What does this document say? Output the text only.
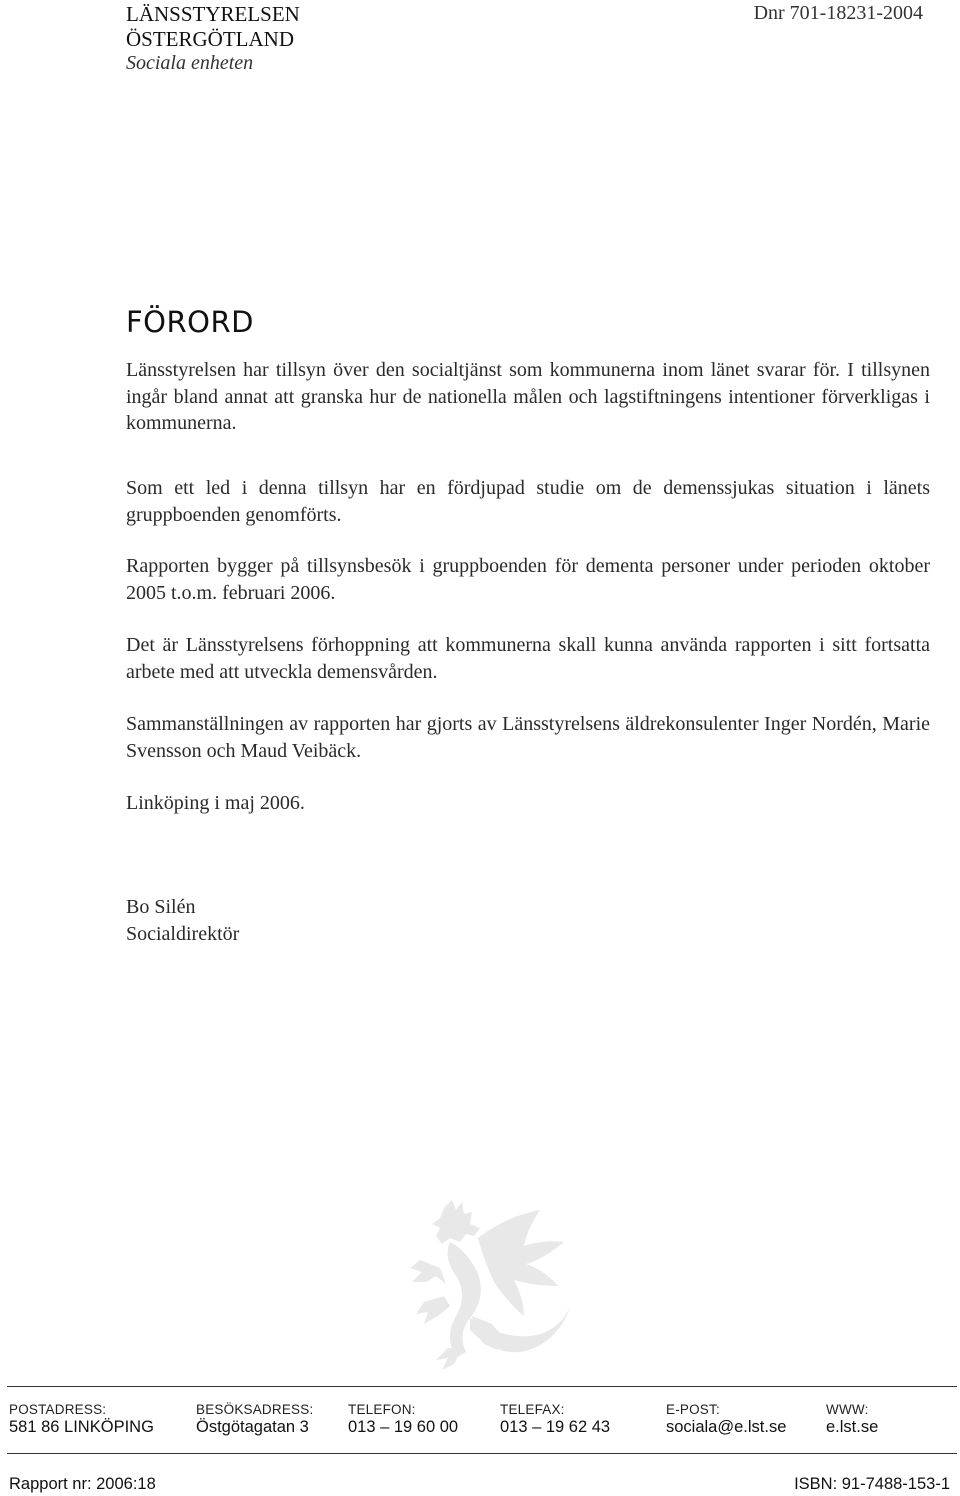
LÄNSSTYRELSEN
ÖSTERGÖTLAND
Sociala enheten
Dnr 701-18231-2004
FÖRORD
Länsstyrelsen har tillsyn över den socialtjänst som kommunerna inom länet svarar för. I tillsynen ingår bland annat att granska hur de nationella målen och lagstiftningens intentioner förverkligas i kommunerna.
Som ett led i denna tillsyn har en fördjupad studie om de demenssjukas situation i länets gruppboenden genomförts.
Rapporten bygger på tillsynsbesök i gruppboenden för dementa personer under perioden oktober 2005 t.o.m. februari 2006.
Det är Länsstyrelsens förhoppning att kommunerna skall kunna använda rapporten i sitt fortsatta arbete med att utveckla demensvården.
Sammanställningen av rapporten har gjorts av Länsstyrelsens äldrekonsulenter Inger Nordén, Marie Svensson och Maud Veibäck.
Linköping i maj 2006.
Bo Silén
Socialdirektör
POSTADRESS:
581 86 LINKÖPING
BESÖKSADRESS:
Östgötagatan 3
TELEFON:
013 – 19 60 00
TELEFAX:
013 – 19 62 43
E-POST:
sociala@e.lst.se
WWW:
e.lst.se
Rapport nr: 2006:18	ISBN: 91-7488-153-1
